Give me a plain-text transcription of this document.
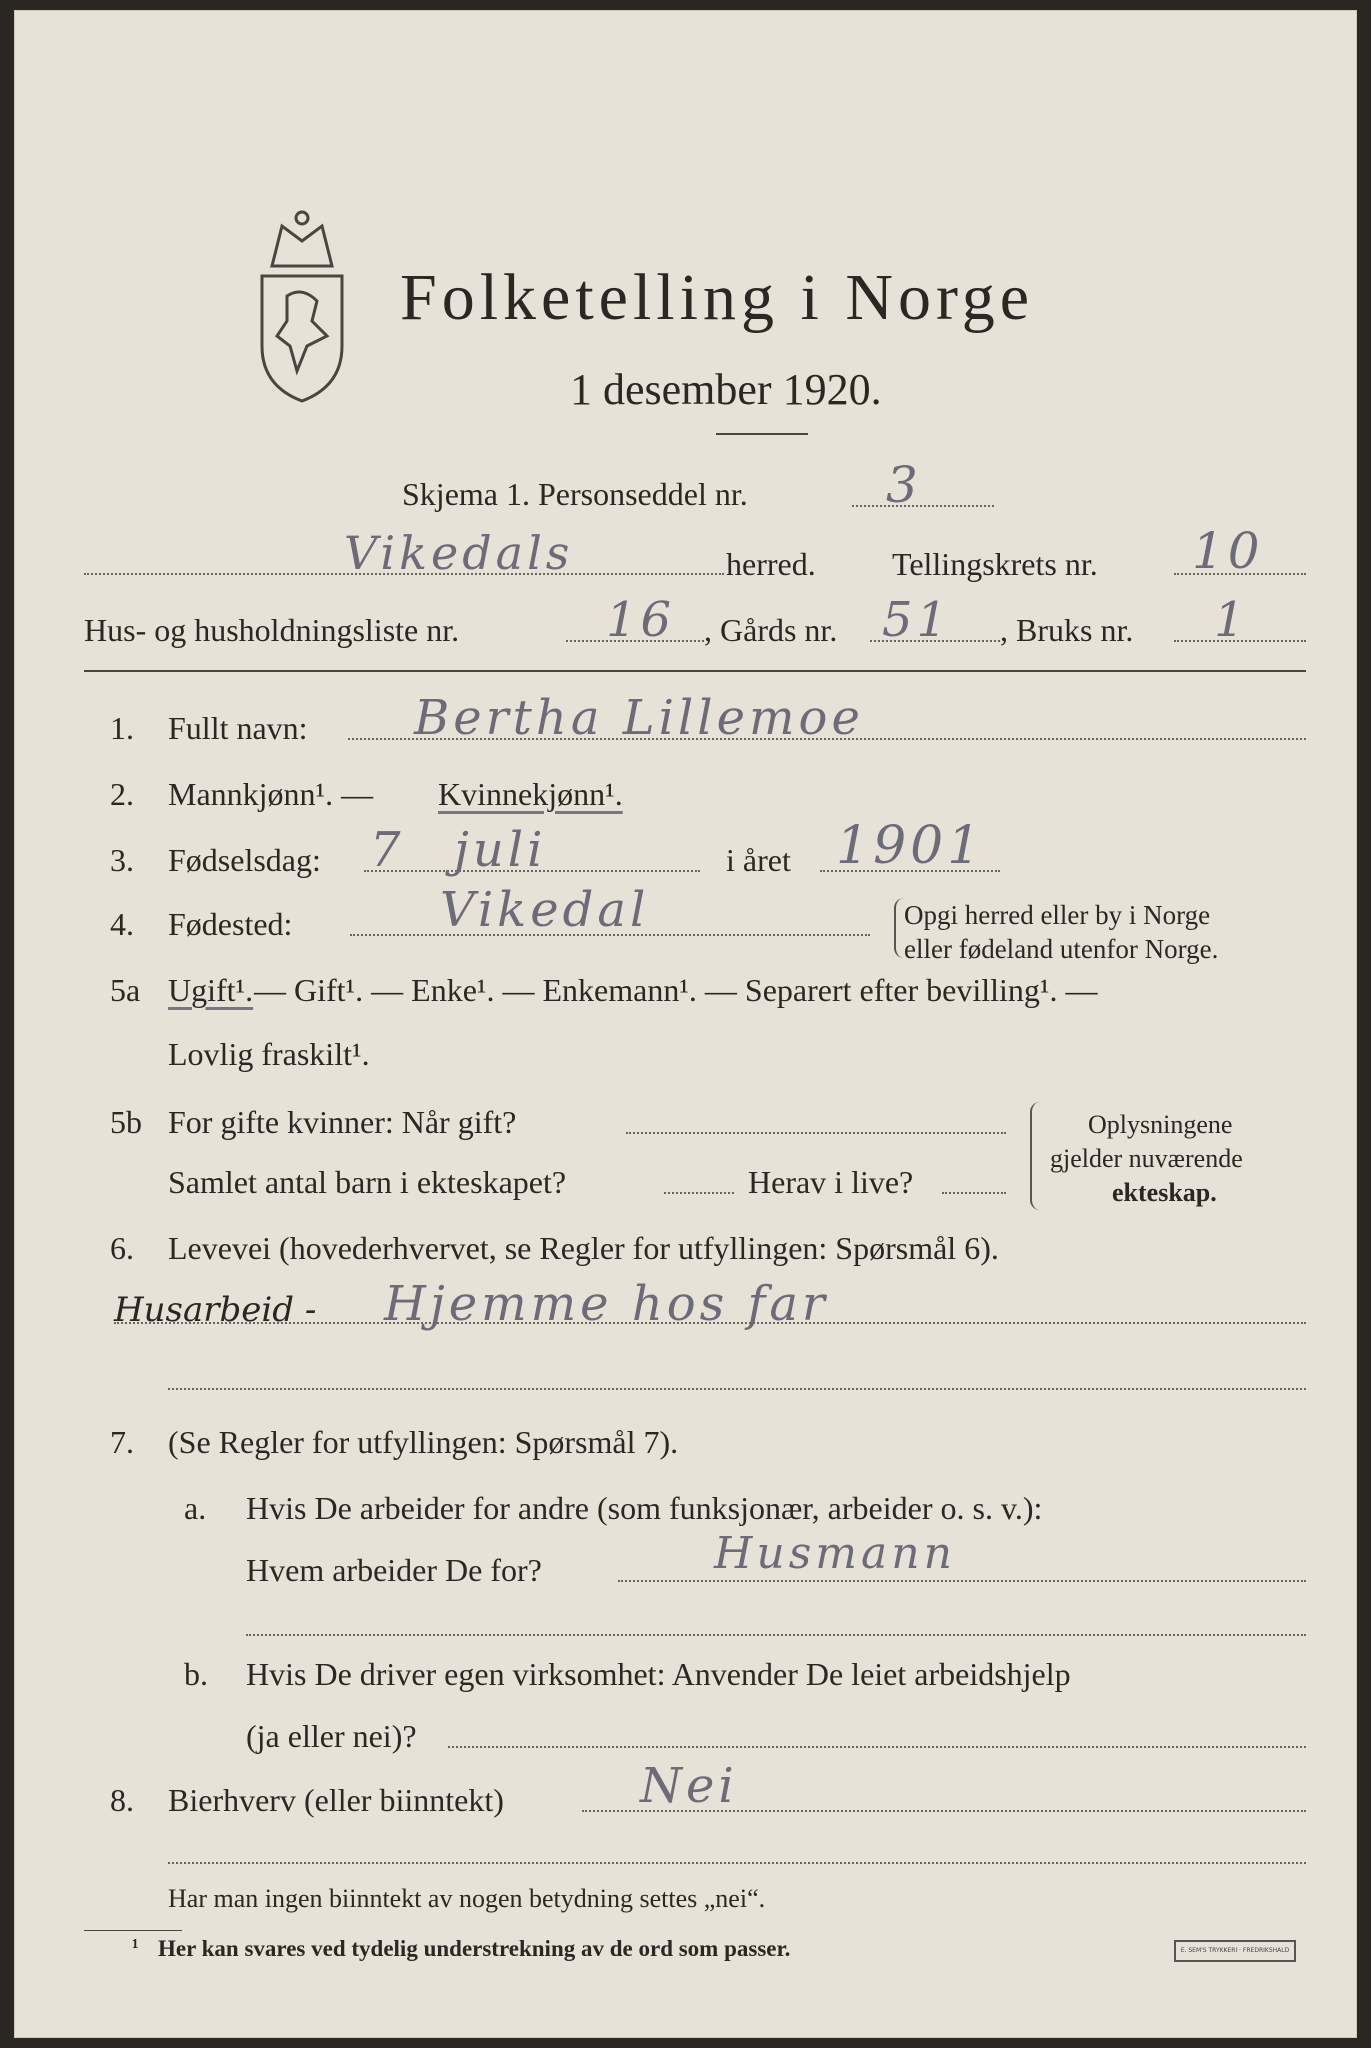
Folketelling i Norge
1 desember 1920.
Skjema 1. Personseddel nr.	3
Vikedals	herred. Tellingskrets nr. 10
Hus- og husholdningsliste nr.	16 , Gårds nr. 51 , Bruks nr. 1
1. Fullt navn: Bertha Lillemoe
2. Mannkjønn¹. — Kvinnekjønn¹.
3. Fødselsdag: 7 juli	i året 1901
4. Fødested:	Vikedal	Opgi herred eller by i Norge
eller fødeland utenfor Norge.
5a Ugift¹. — Gift¹. — Enke¹. — Enkemann¹. — Separert efter bevilling¹. —
Lovlig fraskilt¹.
5b For gifte kvinner: Når gift?
Samlet antal barn i ekteskapet?	Herav i live?
Oplysningene
gjelder nuværende
ekteskap.
6. Levevei (hovederhvervet, se Regler for utfyllingen: Spørsmål 6).
Husarbeid - Hjemme hos far
7. (Se Regler for utfyllingen: Spørsmål 7).
a. Hvis De arbeider for andre (som funksjonær, arbeider o. s. v.):
Hvem arbeider De for?	Husmann
b. Hvis De driver egen virksomhet: Anvender De leiet arbeidshjelp
(ja eller nei)?
8. Bierhverv (eller biinntekt)	Nei
Har man ingen biinntekt av nogen betydning settes „nei“.
¹ Her kan svares ved tydelig understrekning av de ord som passer.	E. SEM'S TRYKKERI · FREDRIKSHALD
